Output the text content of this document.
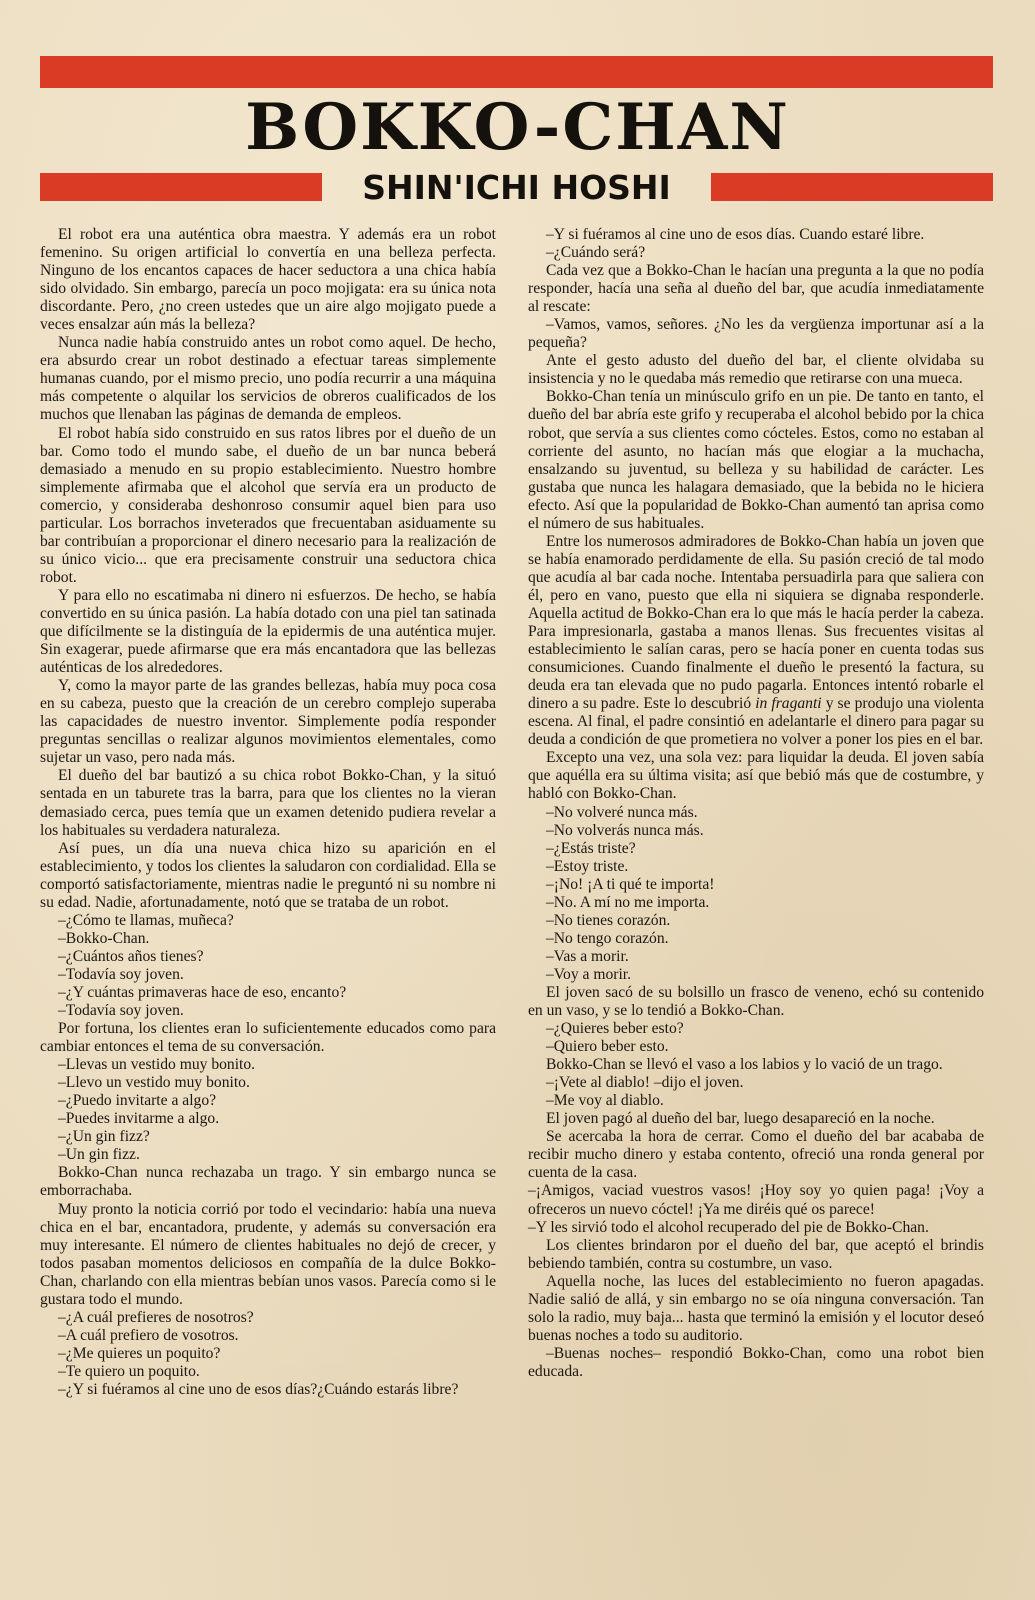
BOKKO-CHAN
SHIN'ICHI HOSHI

El robot era una auténtica obra maestra. Y además era un robot femenino. Su origen artificial lo convertía en una belleza perfecta. Ninguno de los encantos capaces de hacer seductora a una chica había sido olvidado. Sin embargo, parecía un poco mojigata: era su única nota discordante. Pero, ¿no creen ustedes que un aire algo mojigato puede a veces ensalzar aún más la belleza?

Nunca nadie había construido antes un robot como aquel. De hecho, era absurdo crear un robot destinado a efectuar tareas simplemente humanas cuando, por el mismo precio, uno podía recurrir a una máquina más competente o alquilar los servicios de obreros cualificados de los muchos que llenaban las páginas de demanda de empleos.

El robot había sido construido en sus ratos libres por el dueño de un bar. Como todo el mundo sabe, el dueño de un bar nunca beberá demasiado a menudo en su propio establecimiento. Nuestro hombre simplemente afirmaba que el alcohol que servía era un producto de comercio, y consideraba deshonroso consumir aquel bien para uso particular. Los borrachos inveterados que frecuentaban asiduamente su bar contribuían a proporcionar el dinero necesario para la realización de su único vicio... que era precisamente construir una seductora chica robot.

Y para ello no escatimaba ni dinero ni esfuerzos. De hecho, se había convertido en su única pasión. La había dotado con una piel tan satinada que difícilmente se la distinguía de la epidermis de una auténtica mujer. Sin exagerar, puede afirmarse que era más encantadora que las bellezas auténticas de los alrededores.

Y, como la mayor parte de las grandes bellezas, había muy poca cosa en su cabeza, puesto que la creación de un cerebro complejo superaba las capacidades de nuestro inventor. Simplemente podía responder preguntas sencillas o realizar algunos movimientos elementales, como sujetar un vaso, pero nada más.

El dueño del bar bautizó a su chica robot Bokko-Chan, y la situó sentada en un taburete tras la barra, para que los clientes no la vieran demasiado cerca, pues temía que un examen detenido pudiera revelar a los habituales su verdadera naturaleza.

Así pues, un día una nueva chica hizo su aparición en el establecimiento, y todos los clientes la saludaron con cordialidad. Ella se comportó satisfactoriamente, mientras nadie le preguntó ni su nombre ni su edad. Nadie, afortunadamente, notó que se trataba de un robot.

–¿Cómo te llamas, muñeca?

–Bokko-Chan.

–¿Cuántos años tienes?

–Todavía soy joven.

–¿Y cuántas primaveras hace de eso, encanto?

–Todavía soy joven.

Por fortuna, los clientes eran lo suficientemente educados como para cambiar entonces el tema de su conversación.

–Llevas un vestido muy bonito.

–Llevo un vestido muy bonito.

–¿Puedo invitarte a algo?

–Puedes invitarme a algo.

–¿Un gin fizz?

–Un gin fizz.

Bokko-Chan nunca rechazaba un trago. Y sin embargo nunca se emborrachaba.

Muy pronto la noticia corrió por todo el vecindario: había una nueva chica en el bar, encantadora, prudente, y además su conversación era muy interesante. El número de clientes habituales no dejó de crecer, y todos pasaban momentos deliciosos en compañía de la dulce Bokko-Chan, charlando con ella mientras bebían unos vasos. Parecía como si le gustara todo el mundo.

–¿A cuál prefieres de nosotros?

–A cuál prefiero de vosotros.

–¿Me quieres un poquito?

–Te quiero un poquito.

–¿Y si fuéramos al cine uno de esos días?¿Cuándo estarás libre?

–Y si fuéramos al cine uno de esos días. Cuando estaré libre.

–¿Cuándo será?

Cada vez que a Bokko-Chan le hacían una pregunta a la que no podía responder, hacía una seña al dueño del bar, que acudía inmediatamente al rescate:

–Vamos, vamos, señores. ¿No les da vergüenza importunar así a la pequeña?

Ante el gesto adusto del dueño del bar, el cliente olvidaba su insistencia y no le quedaba más remedio que retirarse con una mueca.

Bokko-Chan tenía un minúsculo grifo en un pie. De tanto en tanto, el dueño del bar abría este grifo y recuperaba el alcohol bebido por la chica robot, que servía a sus clientes como cócteles. Estos, como no estaban al corriente del asunto, no hacían más que elogiar a la muchacha, ensalzando su juventud, su belleza y su habilidad de carácter. Les gustaba que nunca les halagara demasiado, que la bebida no le hiciera efecto. Así que la popularidad de Bokko-Chan aumentó tan aprisa como el número de sus habituales.

Entre los numerosos admiradores de Bokko-Chan había un joven que se había enamorado perdidamente de ella. Su pasión creció de tal modo que acudía al bar cada noche. Intentaba persuadirla para que saliera con él, pero en vano, puesto que ella ni siquiera se dignaba responderle. Aquella actitud de Bokko-Chan era lo que más le hacía perder la cabeza. Para impresionarla, gastaba a manos llenas. Sus frecuentes visitas al establecimiento le salían caras, pero se hacía poner en cuenta todas sus consumiciones. Cuando finalmente el dueño le presentó la factura, su deuda era tan elevada que no pudo pagarla. Entonces intentó robarle el dinero a su padre. Este lo descubrió in fraganti y se produjo una violenta escena. Al final, el padre consintió en adelantarle el dinero para pagar su deuda a condición de que prometiera no volver a poner los pies en el bar.

Excepto una vez, una sola vez: para liquidar la deuda. El joven sabía que aquélla era su última visita; así que bebió más que de costumbre, y habló con Bokko-Chan.

–No volveré nunca más.

–No volverás nunca más.

–¿Estás triste?

–Estoy triste.

–¡No! ¡A ti qué te importa!

–No. A mí no me importa.

–No tienes corazón.

–No tengo corazón.

–Vas a morir.

–Voy a morir.

El joven sacó de su bolsillo un frasco de veneno, echó su contenido en un vaso, y se lo tendió a Bokko-Chan.

–¿Quieres beber esto?

–Quiero beber esto.

Bokko-Chan se llevó el vaso a los labios y lo vació de un trago.

–¡Vete al diablo! –dijo el joven.

–Me voy al diablo.

El joven pagó al dueño del bar, luego desapareció en la noche.

Se acercaba la hora de cerrar. Como el dueño del bar acababa de recibir mucho dinero y estaba contento, ofreció una ronda general por cuenta de la casa.

–¡Amigos, vaciad vuestros vasos! ¡Hoy soy yo quien paga! ¡Voy a ofreceros un nuevo cóctel! ¡Ya me diréis qué os parece!

–Y les sirvió todo el alcohol recuperado del pie de Bokko-Chan.

Los clientes brindaron por el dueño del bar, que aceptó el brindis bebiendo también, contra su costumbre, un vaso.

Aquella noche, las luces del establecimiento no fueron apagadas. Nadie salió de allá, y sin embargo no se oía ninguna conversación. Tan solo la radio, muy baja... hasta que terminó la emisión y el locutor deseó buenas noches a todo su auditorio.

–Buenas noches– respondió Bokko-Chan, como una robot bien educada.
